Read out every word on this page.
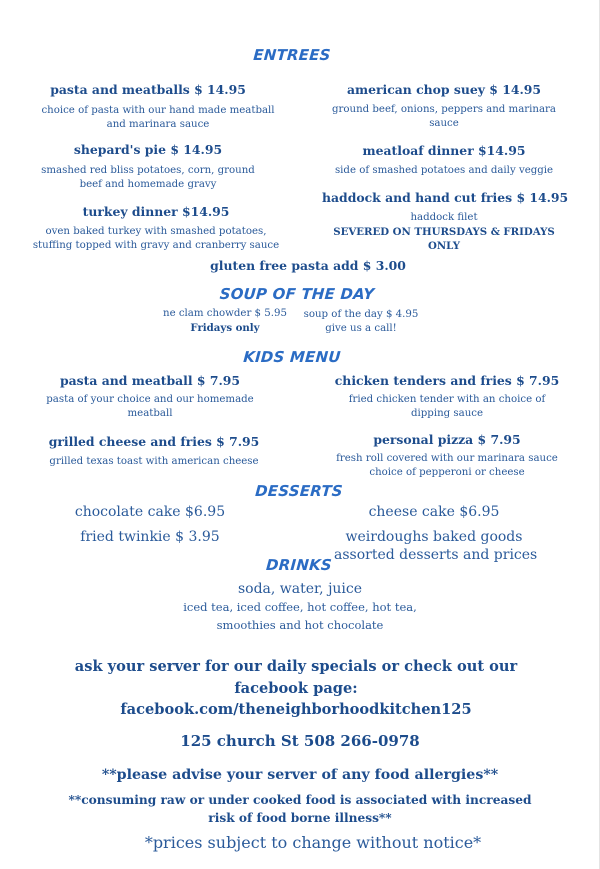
ENTREES
pasta and meatballs $ 14.95
choice of pasta with our hand made meatball
and marinara sauce
shepard's pie $ 14.95
smashed red bliss potatoes, corn, ground
beef and homemade gravy
turkey dinner $14.95
oven baked turkey with smashed potatoes,
stuffing topped with gravy and cranberry sauce
american chop suey $ 14.95
ground beef, onions, peppers and marinara
sauce
meatloaf dinner $14.95
side of smashed potatoes and daily veggie
haddock and hand cut fries $ 14.95
haddock filet
SEVERED ON THURSDAYS & FRIDAYS
ONLY
gluten free pasta add $ 3.00
SOUP OF THE DAY
ne clam chowder $ 5.95
Fridays only
soup of the day $ 4.95
give us a call!
KIDS MENU
pasta and meatball $ 7.95
pasta of your choice and our homemade
meatball
grilled cheese and fries $ 7.95
grilled texas toast with american cheese
chicken tenders and fries $ 7.95
fried chicken tender with an choice of
dipping sauce
personal pizza $ 7.95
fresh roll covered with our marinara sauce
choice of pepperoni or cheese
DESSERTS
chocolate cake $6.95
fried twinkie $ 3.95
cheese cake $6.95
weirdoughs baked goods
assorted desserts and prices
DRINKS
soda, water, juice
iced tea, iced coffee, hot coffee, hot tea,
smoothies and hot chocolate
ask your server for our daily specials or check out our
facebook page:
facebook.com/theneighborhoodkitchen125
125 church St 508 266-0978
**please advise your server of any food allergies**
**consuming raw or under cooked food is associated with increased
risk of food borne illness**
*prices subject to change without notice*
